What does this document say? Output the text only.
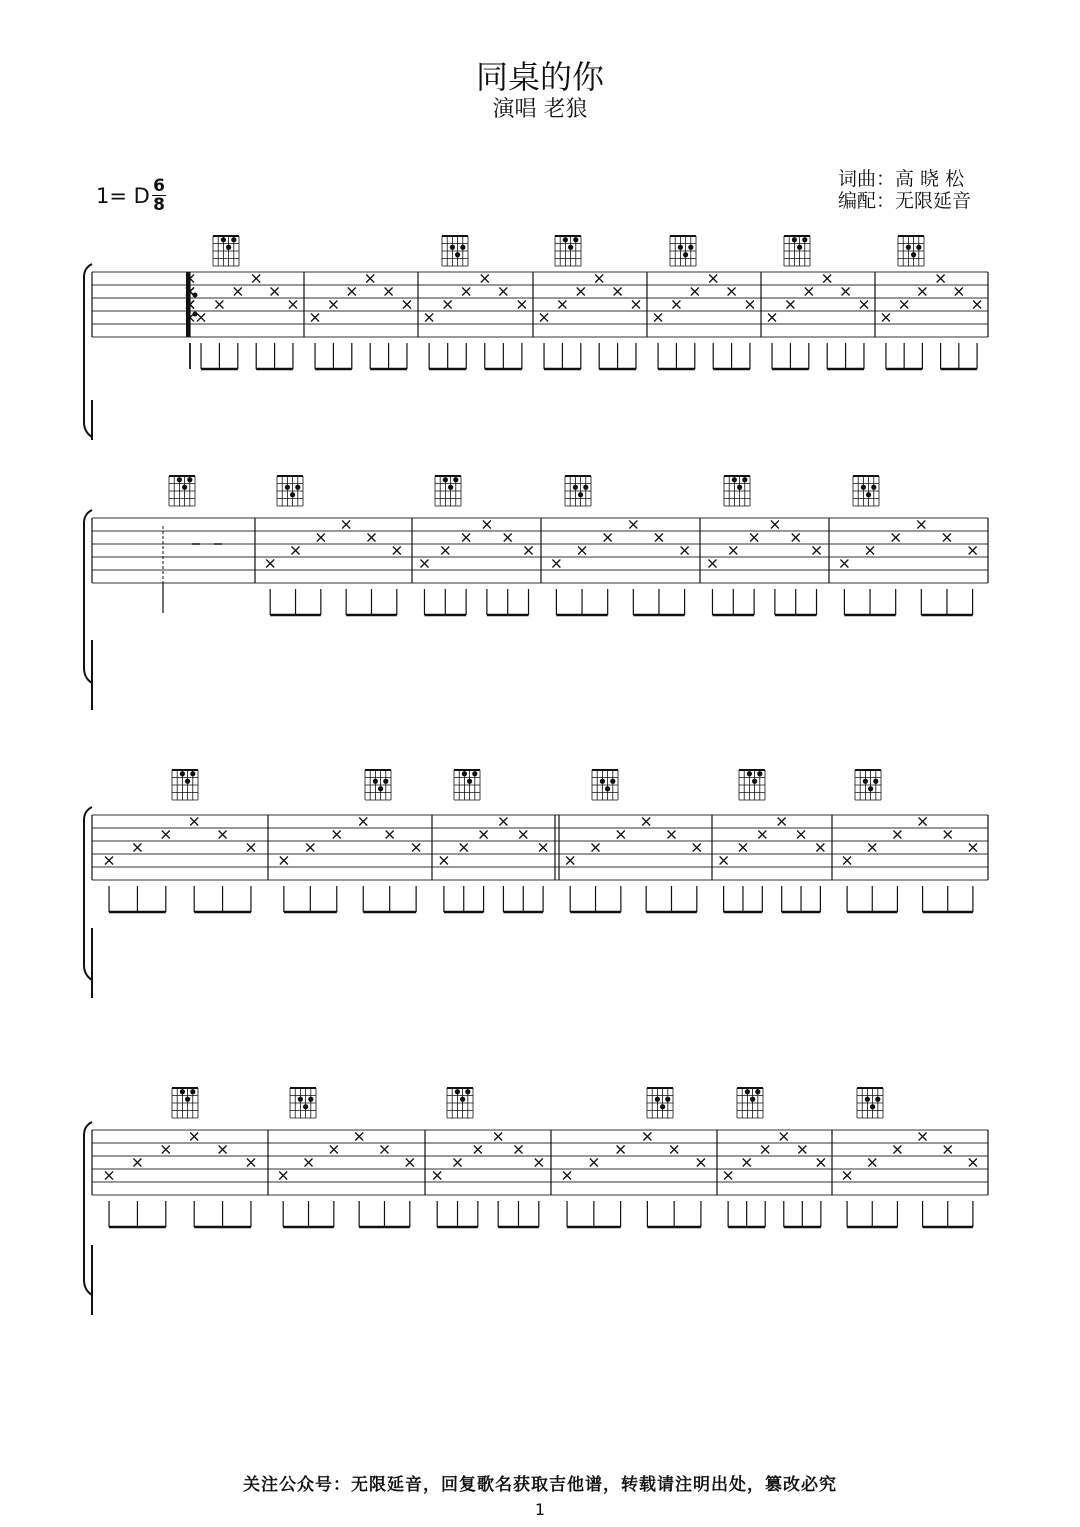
同桌的你
演唱 老狼
词曲：高 晓 松
编配：无限延音
1= D 6
8
关注公众号：无限延音，回复歌名获取吉他谱，转载请注明出处，篡改必究
1
